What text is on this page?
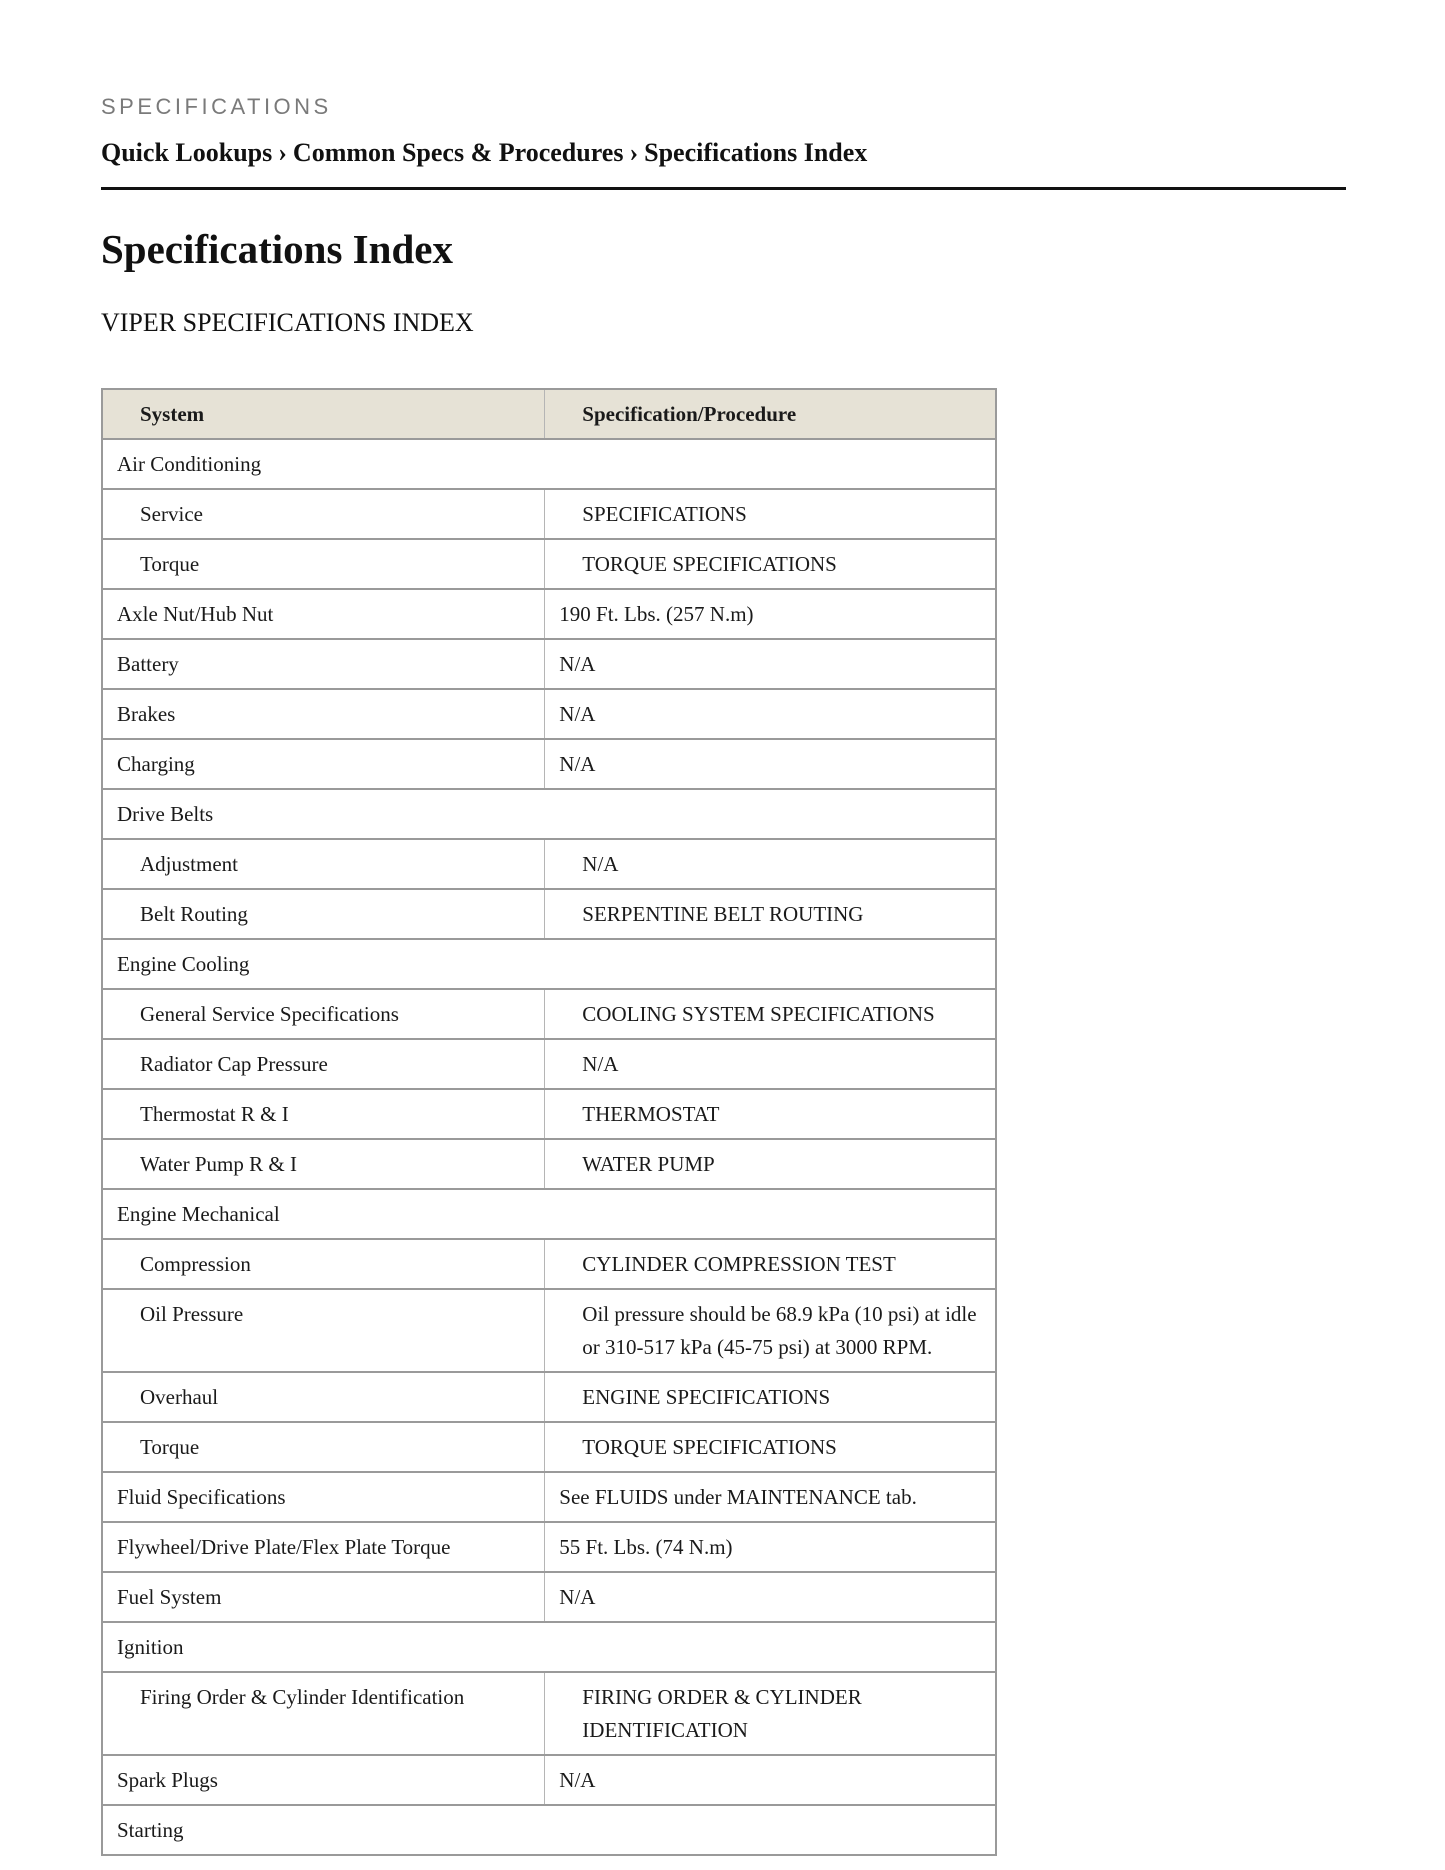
SPECIFICATIONS
Quick Lookups › Common Specs & Procedures › Specifications Index
Specifications Index
VIPER SPECIFICATIONS INDEX
System	Specification/Procedure
Air Conditioning	
Service	SPECIFICATIONS
Torque	TORQUE SPECIFICATIONS
Axle Nut/Hub Nut	190 Ft. Lbs. (257 N.m)
Battery	N/A
Brakes	N/A
Charging	N/A
Drive Belts	
Adjustment	N/A
Belt Routing	SERPENTINE BELT ROUTING
Engine Cooling	
General Service Specifications	COOLING SYSTEM SPECIFICATIONS
Radiator Cap Pressure	N/A
Thermostat R & I	THERMOSTAT
Water Pump R & I	WATER PUMP
Engine Mechanical	
Compression	CYLINDER COMPRESSION TEST
Oil Pressure	Oil pressure should be 68.9 kPa (10 psi) at idle or 310-517 kPa (45-75 psi) at 3000 RPM.
Overhaul	ENGINE SPECIFICATIONS
Torque	TORQUE SPECIFICATIONS
Fluid Specifications	See FLUIDS under MAINTENANCE tab.
Flywheel/Drive Plate/Flex Plate Torque	55 Ft. Lbs. (74 N.m)
Fuel System	N/A
Ignition	
Firing Order & Cylinder Identification	FIRING ORDER & CYLINDER IDENTIFICATION
Spark Plugs	N/A
Starting	
